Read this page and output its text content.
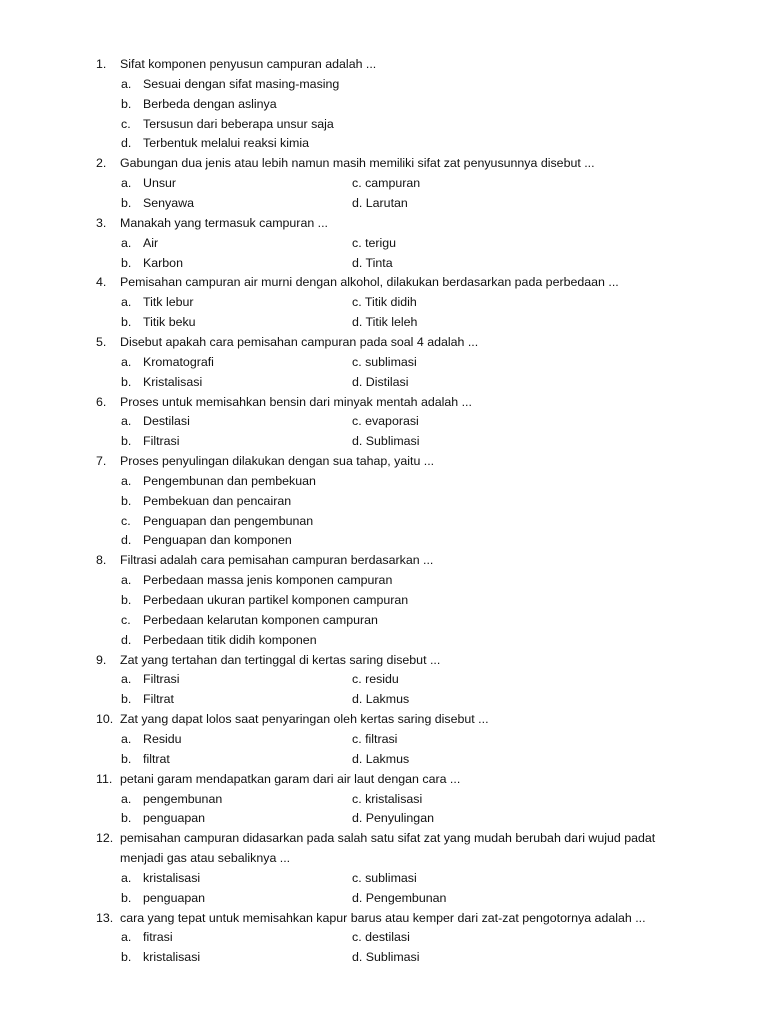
1. Sifat komponen penyusun campuran adalah ...
a. Sesuai dengan sifat masing-masing
b. Berbeda dengan aslinya
c. Tersusun dari beberapa unsur saja
d. Terbentuk melalui reaksi kimia
2. Gabungan dua jenis atau lebih namun masih memiliki sifat zat penyusunnya disebut ...
a. Unsur	c. campuran
b. Senyawa	d. Larutan
3. Manakah yang termasuk campuran ...
a. Air	c. terigu
b. Karbon	d. Tinta
4. Pemisahan campuran air murni dengan alkohol, dilakukan berdasarkan pada perbedaan ...
a. Titk lebur	c. Titik didih
b. Titik beku	d. Titik leleh
5. Disebut apakah cara pemisahan campuran pada soal 4 adalah ...
a. Kromatografi	c. sublimasi
b. Kristalisasi	d. Distilasi
6. Proses untuk memisahkan bensin dari minyak mentah adalah ...
a. Destilasi	c. evaporasi
b. Filtrasi	d. Sublimasi
7. Proses penyulingan dilakukan dengan sua tahap, yaitu ...
a. Pengembunan dan pembekuan
b. Pembekuan dan pencairan
c. Penguapan dan pengembunan
d. Penguapan dan komponen
8. Filtrasi adalah cara pemisahan campuran berdasarkan ...
a. Perbedaan massa jenis komponen campuran
b. Perbedaan ukuran partikel komponen campuran
c. Perbedaan kelarutan komponen campuran
d. Perbedaan titik didih komponen
9. Zat yang tertahan dan tertinggal di kertas saring disebut ...
a. Filtrasi	c. residu
b. Filtrat	d. Lakmus
10. Zat yang dapat lolos saat penyaringan oleh kertas saring disebut ...
a. Residu	c. filtrasi
b. filtrat	d. Lakmus
11. petani garam mendapatkan garam dari air laut dengan cara ...
a. pengembunan	c. kristalisasi
b. penguapan	d. Penyulingan
12. pemisahan campuran didasarkan pada salah satu sifat zat yang mudah berubah dari wujud padat
menjadi gas atau sebaliknya ...
a. kristalisasi	c. sublimasi
b. penguapan	d. Pengembunan
13. cara yang tepat untuk memisahkan kapur barus atau kemper dari zat-zat pengotornya adalah ...
a. fitrasi	c. destilasi
b. kristalisasi	d. Sublimasi
